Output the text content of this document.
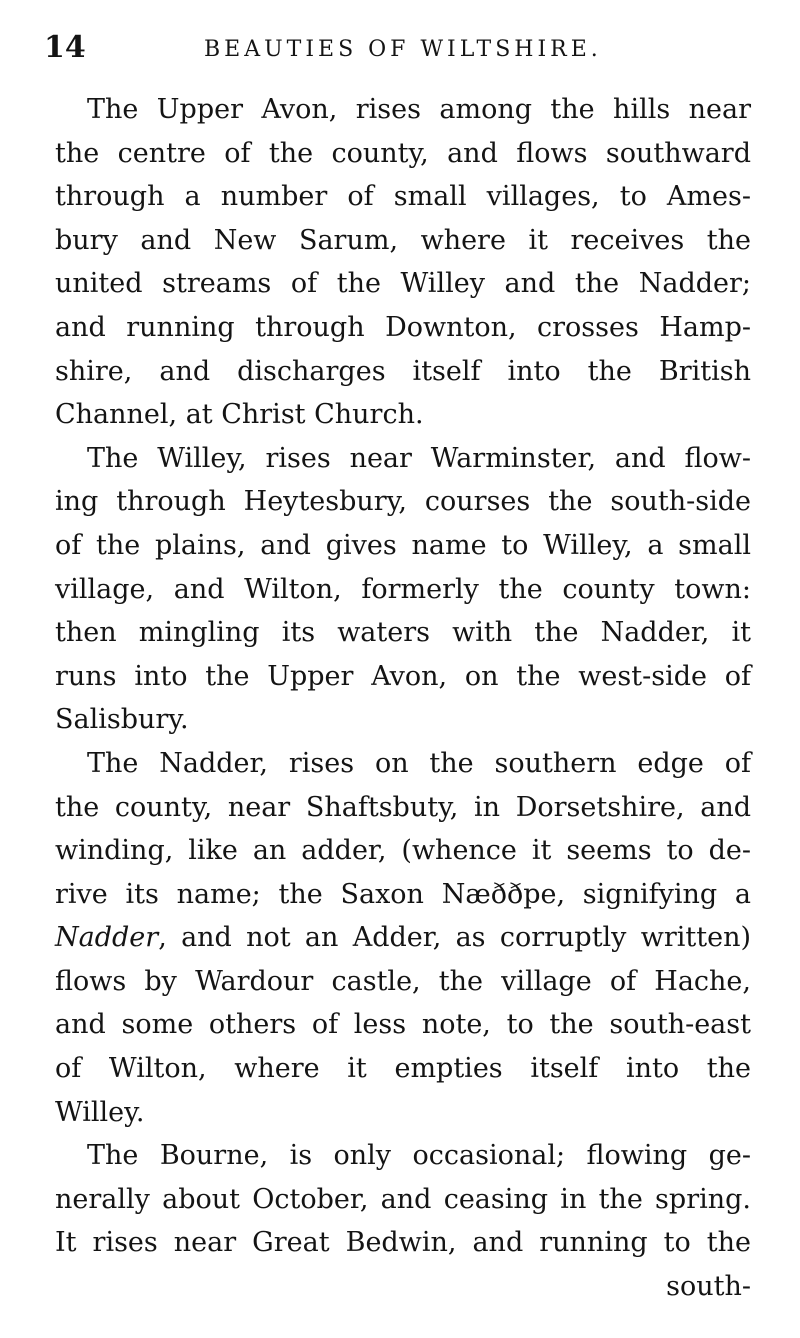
14	BEAUTIES OF WILTSHIRE.
The Upper Avon, rises among the hills near
the centre of the county, and flows southward
through a number of small villages, to Ames-
bury and New Sarum, where it receives the
united streams of the Willey and the Nadder;
and running through Downton, crosses Hamp-
shire, and discharges itself into the British
Channel, at Christ Church.
The Willey, rises near Warminster, and flow-
ing through Heytesbury, courses the south-side
of the plains, and gives name to Willey, a small
village, and Wilton, formerly the county town:
then mingling its waters with the Nadder, it
runs into the Upper Avon, on the west-side of
Salisbury.
The Nadder, rises on the southern edge of
the county, near Shaftsbuty, in Dorsetshire, and
winding, like an adder, (whence it seems to de-
rive its name; the Saxon Næððpe, signifying a
Nadder, and not an Adder, as corruptly written)
flows by Wardour castle, the village of Hache,
and some others of less note, to the south-east
of Wilton, where it empties itself into the
Willey.
The Bourne, is only occasional; flowing ge-
nerally about October, and ceasing in the spring.
It rises near Great Bedwin, and running to the
south-
